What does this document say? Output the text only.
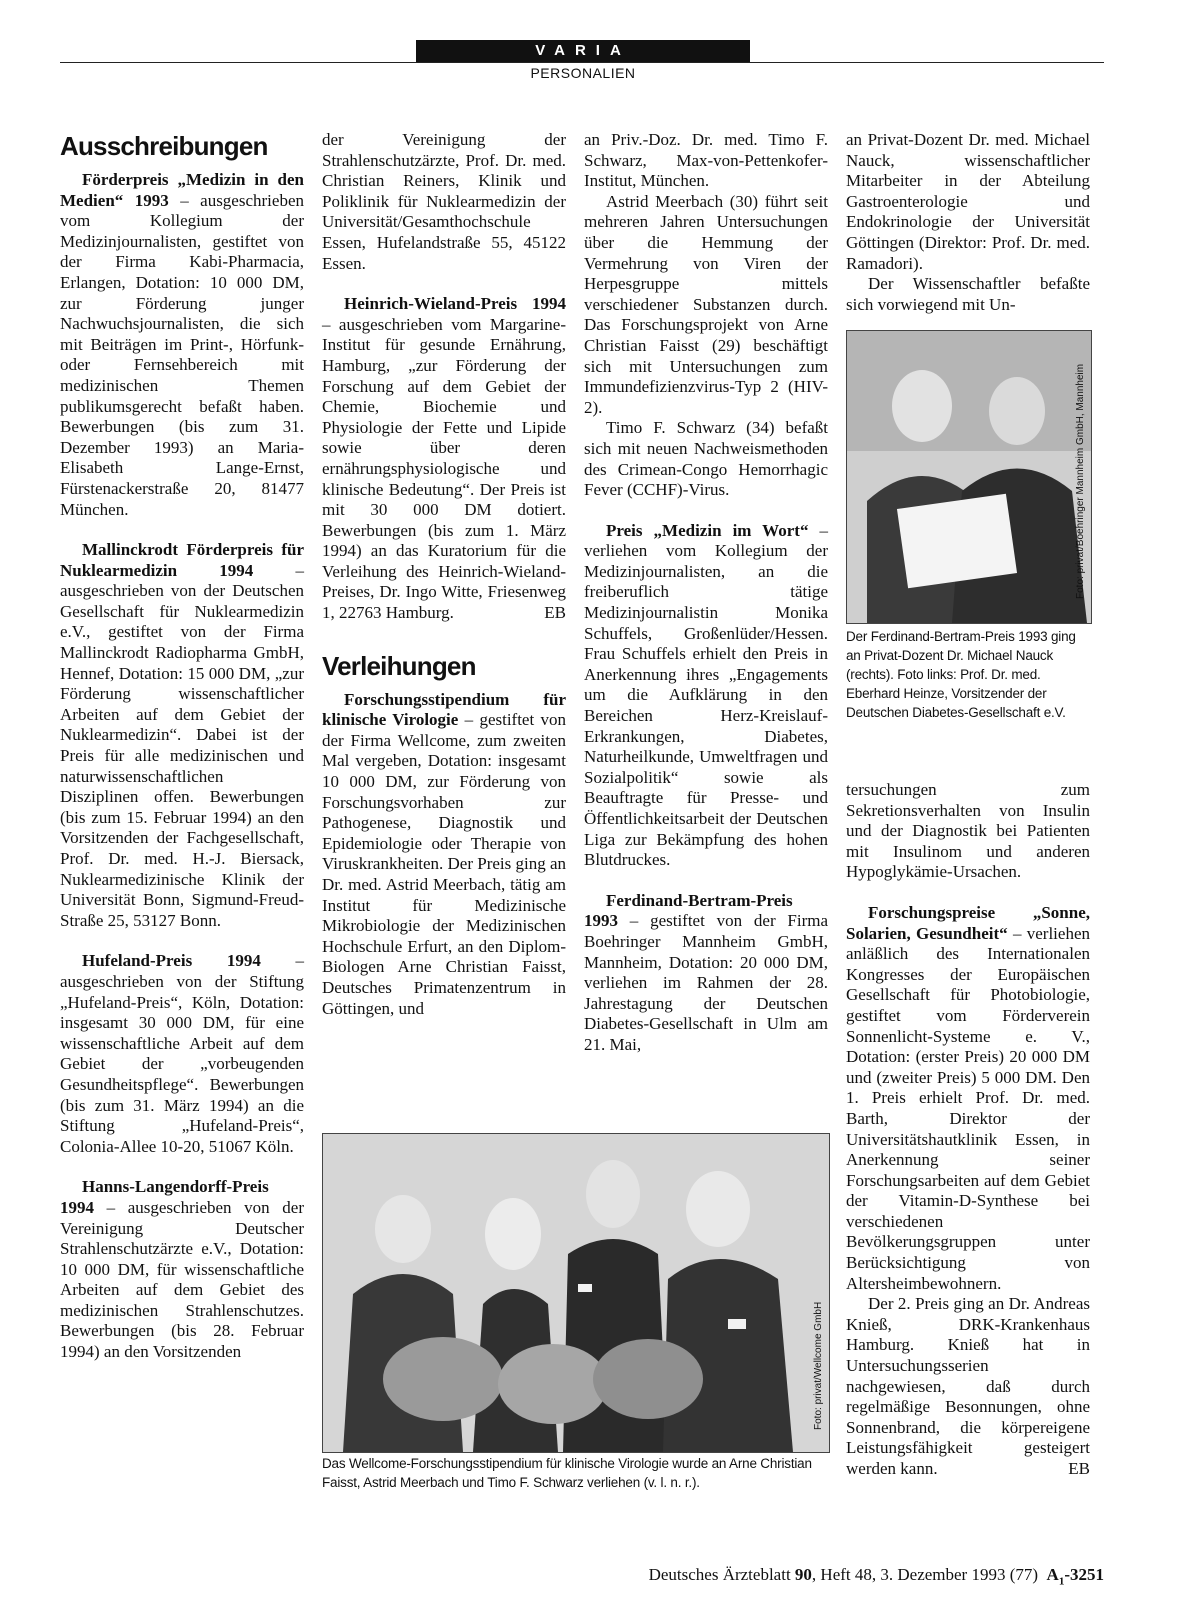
VARIA
PERSONALIEN
Ausschreibungen

Förderpreis „Medizin in den Medien“ 1993 – ausgeschrieben vom Kollegium der Medizinjournalisten, gestiftet von der Firma Kabi-Pharmacia, Erlangen, Dotation: 10 000 DM, zur Förderung junger Nachwuchsjournalisten, die sich mit Beiträgen im Print-, Hörfunk- oder Fernsehbereich mit medizinischen Themen publikumsgerecht befaßt haben. Bewerbungen (bis zum 31. Dezember 1993) an Maria-Elisabeth Lange-Ernst, Fürstenackerstraße 20, 81477 München.

Mallinckrodt Förderpreis für Nuklearmedizin 1994 – ausgeschrieben von der Deutschen Gesellschaft für Nuklearmedizin e.V., gestiftet von der Firma Mallinckrodt Radiopharma GmbH, Hennef, Dotation: 15 000 DM, „zur Förderung wissenschaftlicher Arbeiten auf dem Gebiet der Nuklearmedizin“. Dabei ist der Preis für alle medizinischen und naturwissenschaftlichen Disziplinen offen. Bewerbungen (bis zum 15. Februar 1994) an den Vorsitzenden der Fachgesellschaft, Prof. Dr. med. H.-J. Biersack, Nuklearmedizinische Klinik der Universität Bonn, Sigmund-Freud-Straße 25, 53127 Bonn.

Hufeland-Preis 1994 – ausgeschrieben von der Stiftung „Hufeland-Preis“, Köln, Dotation: insgesamt 30 000 DM, für eine wissenschaftliche Arbeit auf dem Gebiet der „vorbeugenden Gesundheitspflege“. Bewerbungen (bis zum 31. März 1994) an die Stiftung „Hufeland-Preis“, Colonia-Allee 10-20, 51067 Köln.

Hanns-Langendorff-Preis 1994 – ausgeschrieben von der Vereinigung Deutscher Strahlenschutzärzte e.V., Dotation: 10 000 DM, für wissenschaftliche Arbeiten auf dem Gebiet des medizinischen Strahlenschutzes. Bewerbungen (bis 28. Februar 1994) an den Vorsitzenden

der Vereinigung der Strahlenschutzärzte, Prof. Dr. med. Christian Reiners, Klinik und Poliklinik für Nuklearmedizin der Universität/Gesamthochschule Essen, Hufelandstraße 55, 45122 Essen.

Heinrich-Wieland-Preis 1994 – ausgeschrieben vom Margarine-Institut für gesunde Ernährung, Hamburg, „zur Förderung der Forschung auf dem Gebiet der Chemie, Biochemie und Physiologie der Fette und Lipide sowie über deren ernährungsphysiologische und klinische Bedeutung“. Der Preis ist mit 30 000 DM dotiert. Bewerbungen (bis zum 1. März 1994) an das Kuratorium für die Verleihung des Heinrich-Wieland-Preises, Dr. Ingo Witte, Friesenweg 1, 22763 Hamburg.	EB

Verleihungen

Forschungsstipendium für klinische Virologie – gestiftet von der Firma Wellcome, zum zweiten Mal vergeben, Dotation: insgesamt 10 000 DM, zur Förderung von Forschungsvorhaben zur Pathogenese, Diagnostik und Epidemiologie oder Therapie von Viruskrankheiten. Der Preis ging an Dr. med. Astrid Meerbach, tätig am Institut für Medizinische Mikrobiologie der Medizinischen Hochschule Erfurt, an den Diplom-Biologen Arne Christian Faisst, Deutsches Primatenzentrum in Göttingen, und

an Priv.-Doz. Dr. med. Timo F. Schwarz, Max-von-Pettenkofer-Institut, München.

Astrid Meerbach (30) führt seit mehreren Jahren Untersuchungen über die Hemmung der Vermehrung von Viren der Herpesgruppe mittels verschiedener Substanzen durch. Das Forschungsprojekt von Arne Christian Faisst (29) beschäftigt sich mit Untersuchungen zum Immundefizienzvirus-Typ 2 (HIV-2).

Timo F. Schwarz (34) befaßt sich mit neuen Nachweismethoden des Crimean-Congo Hemorrhagic Fever (CCHF)-Virus.

Preis „Medizin im Wort“ – verliehen vom Kollegium der Medizinjournalisten, an die freiberuflich tätige Medizinjournalistin Monika Schuffels, Großenlüder/Hessen. Frau Schuffels erhielt den Preis in Anerkennung ihres „Engagements um die Aufklärung in den Bereichen Herz-Kreislauf-Erkrankungen, Diabetes, Naturheilkunde, Umweltfragen und Sozialpolitik“ sowie als Beauftragte für Presse- und Öffentlichkeitsarbeit der Deutschen Liga zur Bekämpfung des hohen Blutdruckes.

Ferdinand-Bertram-Preis 1993 – gestiftet von der Firma Boehringer Mannheim GmbH, Mannheim, Dotation: 20 000 DM, verliehen im Rahmen der 28. Jahrestagung der Deutschen Diabetes-Gesellschaft in Ulm am 21. Mai,

an Privat-Dozent Dr. med. Michael Nauck, wissenschaftlicher Mitarbeiter in der Abteilung Gastroenterologie und Endokrinologie der Universität Göttingen (Direktor: Prof. Dr. med. Ramadori).

Der Wissenschaftler befaßte sich vorwiegend mit Un-

Foto: privat/Boehringer Mannheim GmbH, Mannheim
Der Ferdinand-Bertram-Preis 1993 ging an Privat-Dozent Dr. Michael Nauck (rechts). Foto links: Prof. Dr. med. Eberhard Heinze, Vorsitzender der Deutschen Diabetes-Gesellschaft e.V.

tersuchungen zum Sekretionsverhalten von Insulin und der Diagnostik bei Patienten mit Insulinom und anderen Hypoglykämie-Ursachen.

Forschungspreise „Sonne, Solarien, Gesundheit“ – verliehen anläßlich des Internationalen Kongresses der Europäischen Gesellschaft für Photobiologie, gestiftet vom Förderverein Sonnenlicht-Systeme e. V., Dotation: (erster Preis) 20 000 DM und (zweiter Preis) 5 000 DM. Den 1. Preis erhielt Prof. Dr. med. Barth, Direktor der Universitätshautklinik Essen, in Anerkennung seiner Forschungsarbeiten auf dem Gebiet der Vitamin-D-Synthese bei verschiedenen Bevölkerungsgruppen unter Berücksichtigung von Altersheimbewohnern.

Der 2. Preis ging an Dr. Andreas Knieß, DRK-Krankenhaus Hamburg. Knieß hat in Untersuchungsserien nachgewiesen, daß durch regelmäßige Besonnungen, ohne Sonnenbrand, die körpereigene Leistungsfähigkeit gesteigert werden kann.	EB

Foto: privat/Wellcome GmbH
Das Wellcome-Forschungsstipendium für klinische Virologie wurde an Arne Christian Faisst, Astrid Meerbach und Timo F. Schwarz verliehen (v. l. n. r.).
Deutsches Ärzteblatt 90, Heft 48, 3. Dezember 1993 (77) $A_1-3251$
